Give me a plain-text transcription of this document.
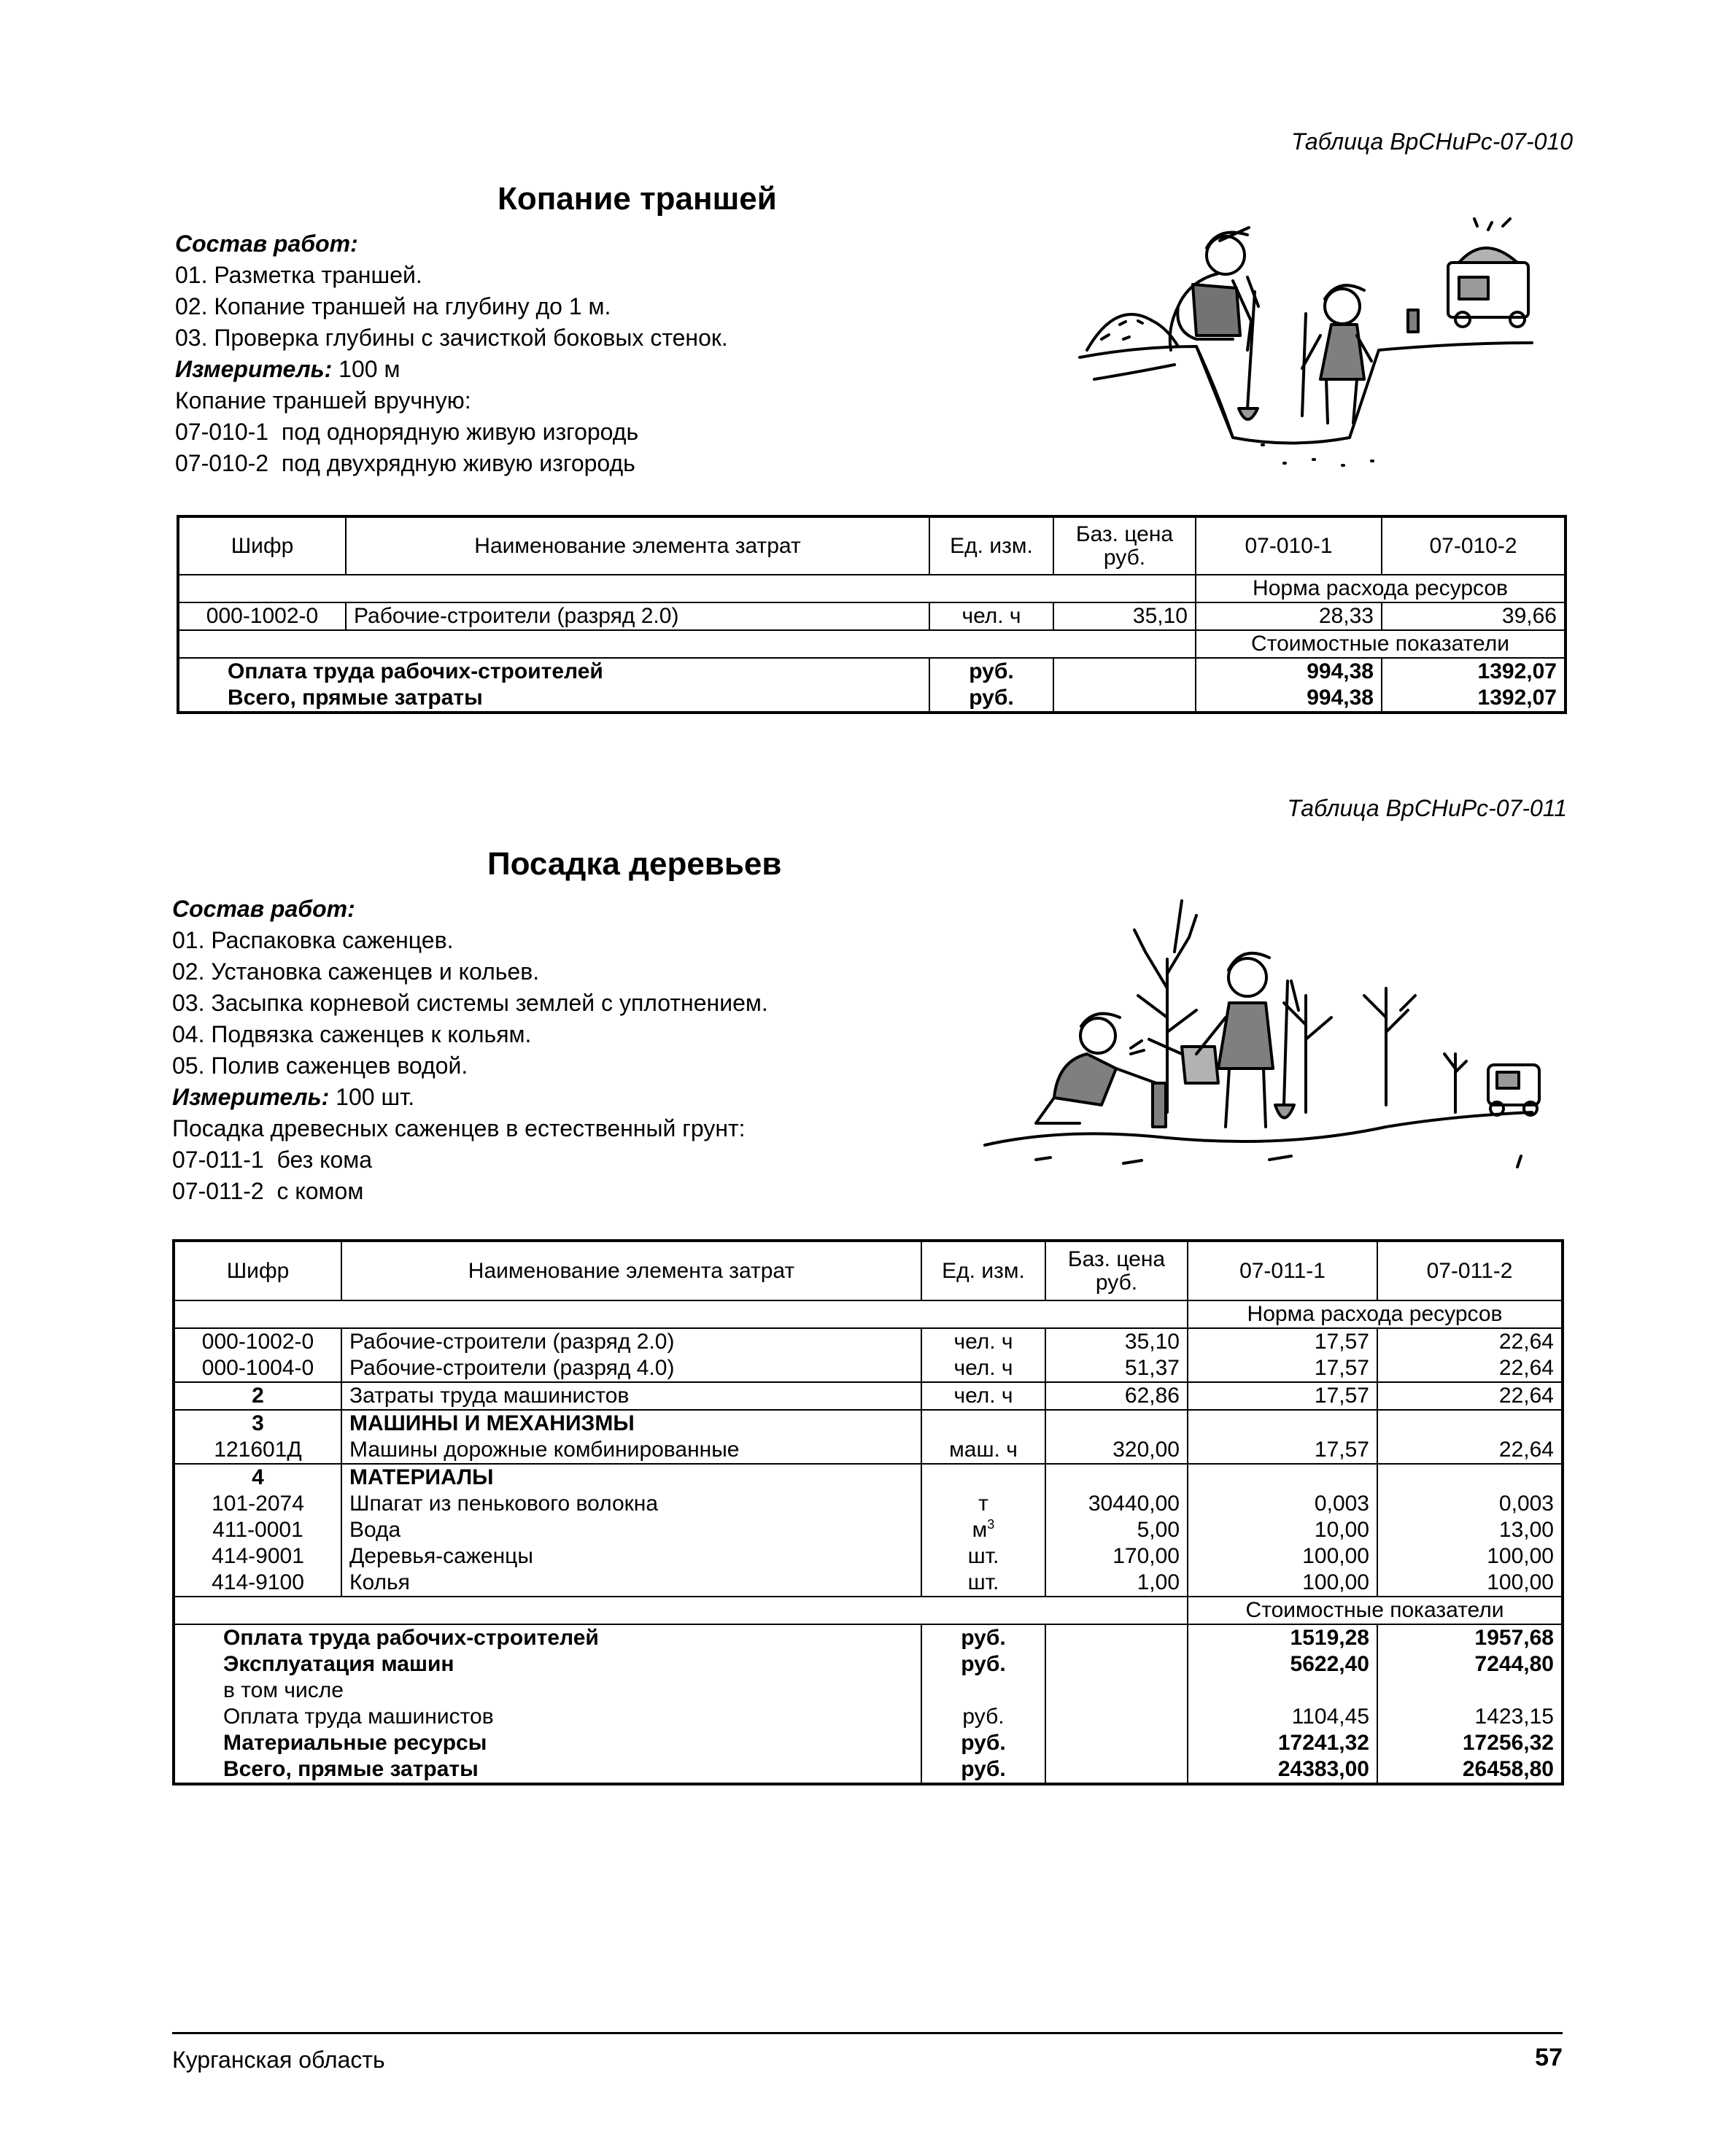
Таблица ВрСНиРс-07-010
Копание траншей
Состав работ:
01. Разметка траншей.
02. Копание траншей на глубину до 1 м.
03. Проверка глубины с зачисткой боковых стенок.
Измеритель: 100 м
Копание траншей вручную:
07-010-1  под однорядную живую изгородь
07-010-2  под двухрядную живую изгородь
Шифр	Наименование элемента затрат	Ед. изм.	Баз. цена руб.	07-010-1	07-010-2
				Норма расхода ресурсов	
000-1002-0	Рабочие-строители (разряд 2.0)	чел. ч	35,10	28,33	39,66
				Стоимостные показатели	
Оплата труда рабочих-строителей		руб.		994,38	1392,07
Всего, прямые затраты		руб.		994,38	1392,07
Таблица ВрСНиРс-07-011
Посадка деревьев
Состав работ:
01. Распаковка саженцев.
02. Установка саженцев и кольев.
03. Засыпка корневой системы землей с уплотнением.
04. Подвязка саженцев к кольям.
05. Полив саженцев водой.
Измеритель: 100 шт.
Посадка древесных саженцев в естественный грунт:
07-011-1  без кома
07-011-2  с комом
Шифр	Наименование элемента затрат	Ед. изм.	Баз. цена руб.	07-011-1	07-011-2
				Норма расхода ресурсов	
000-1002-0	Рабочие-строители (разряд 2.0)	чел. ч	35,10	17,57	22,64
000-1004-0	Рабочие-строители (разряд 4.0)	чел. ч	51,37	17,57	22,64
2	Затраты труда машинистов	чел. ч	62,86	17,57	22,64
3	МАШИНЫ И МЕХАНИЗМЫ				
121601Д	Машины дорожные комбинированные	маш. ч	320,00	17,57	22,64
4	МАТЕРИАЛЫ				
101-2074	Шпагат из пенькового волокна	т	30440,00	0,003	0,003
411-0001	Вода	$м^3$	5,00	10,00	13,00
414-9001	Деревья-саженцы	шт.	170,00	100,00	100,00
414-9100	Колья	шт.	1,00	100,00	100,00
				Стоимостные показатели	
Оплата труда рабочих-строителей		руб.		1519,28	1957,68
Эксплуатация машин		руб.		5622,40	7244,80
в том числе					
Оплата труда машинистов		руб.		1104,45	1423,15
Материальные ресурсы		руб.		17241,32	17256,32
Всего, прямые затраты		руб.		24383,00	26458,80
Курганская область	57
